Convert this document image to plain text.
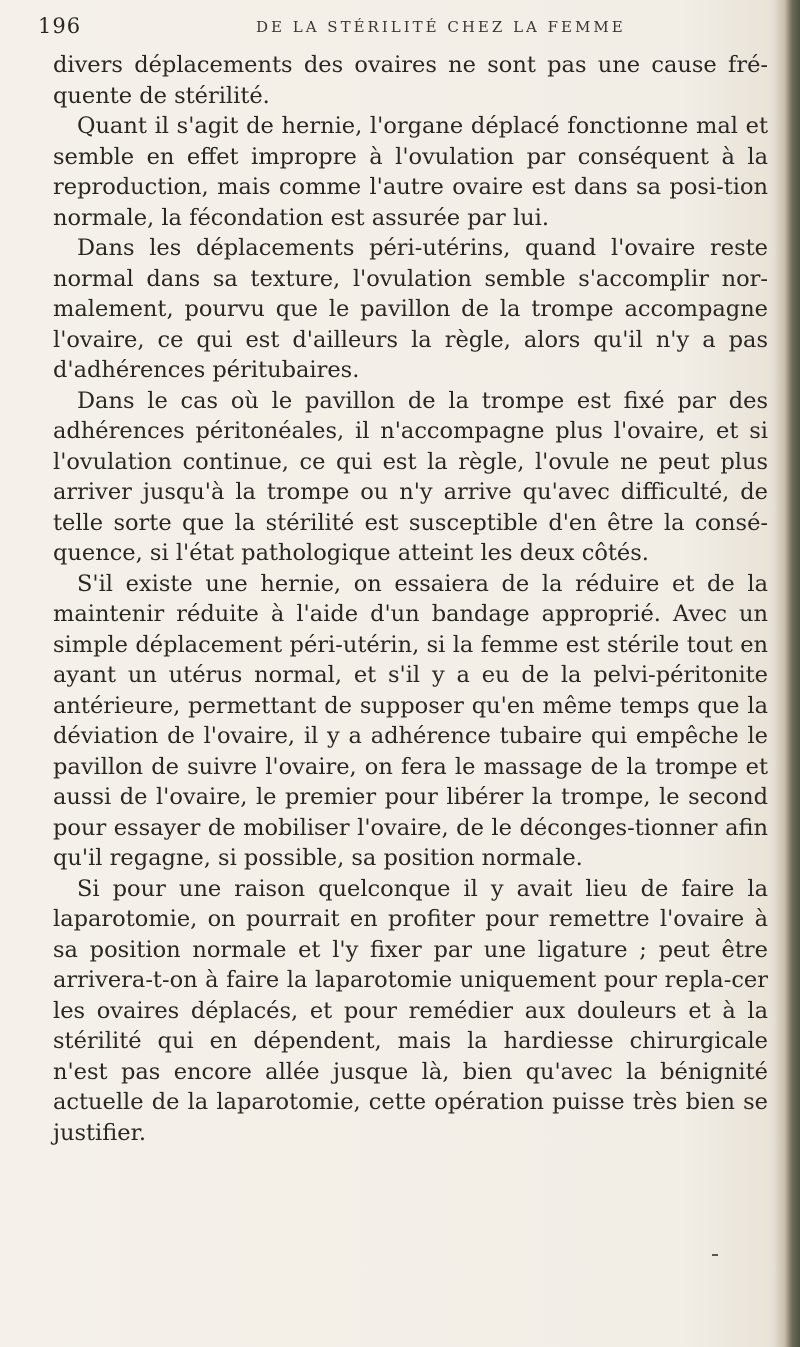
196	DE LA STÉRILITÉ CHEZ LA FEMME

divers déplacements des ovaires ne sont pas une cause fré-quente de stérilité.

Quant il s'agit de hernie, l'organe déplacé fonctionne mal et semble en effet impropre à l'ovulation par conséquent à la reproduction, mais comme l'autre ovaire est dans sa posi-tion normale, la fécondation est assurée par lui.

Dans les déplacements péri-utérins, quand l'ovaire reste normal dans sa texture, l'ovulation semble s'accomplir nor-malement, pourvu que le pavillon de la trompe accompagne l'ovaire, ce qui est d'ailleurs la règle, alors qu'il n'y a pas d'adhérences péritubaires.

Dans le cas où le pavillon de la trompe est fixé par des adhérences péritonéales, il n'accompagne plus l'ovaire, et si l'ovulation continue, ce qui est la règle, l'ovule ne peut plus arriver jusqu'à la trompe ou n'y arrive qu'avec difficulté, de telle sorte que la stérilité est susceptible d'en être la consé-quence, si l'état pathologique atteint les deux côtés.

S'il existe une hernie, on essaiera de la réduire et de la maintenir réduite à l'aide d'un bandage approprié. Avec un simple déplacement péri-utérin, si la femme est stérile tout en ayant un utérus normal, et s'il y a eu de la pelvi-péritonite antérieure, permettant de supposer qu'en même temps que la déviation de l'ovaire, il y a adhérence tubaire qui empêche le pavillon de suivre l'ovaire, on fera le massage de la trompe et aussi de l'ovaire, le premier pour libérer la trompe, le second pour essayer de mobiliser l'ovaire, de le déconges-tionner afin qu'il regagne, si possible, sa position normale.

Si pour une raison quelconque il y avait lieu de faire la laparotomie, on pourrait en profiter pour remettre l'ovaire à sa position normale et l'y fixer par une ligature ; peut être arrivera-t-on à faire la laparotomie uniquement pour repla-cer les ovaires déplacés, et pour remédier aux douleurs et à la stérilité qui en dépendent, mais la hardiesse chirurgicale n'est pas encore allée jusque là, bien qu'avec la bénignité actuelle de la laparotomie, cette opération puisse très bien se justifier.
